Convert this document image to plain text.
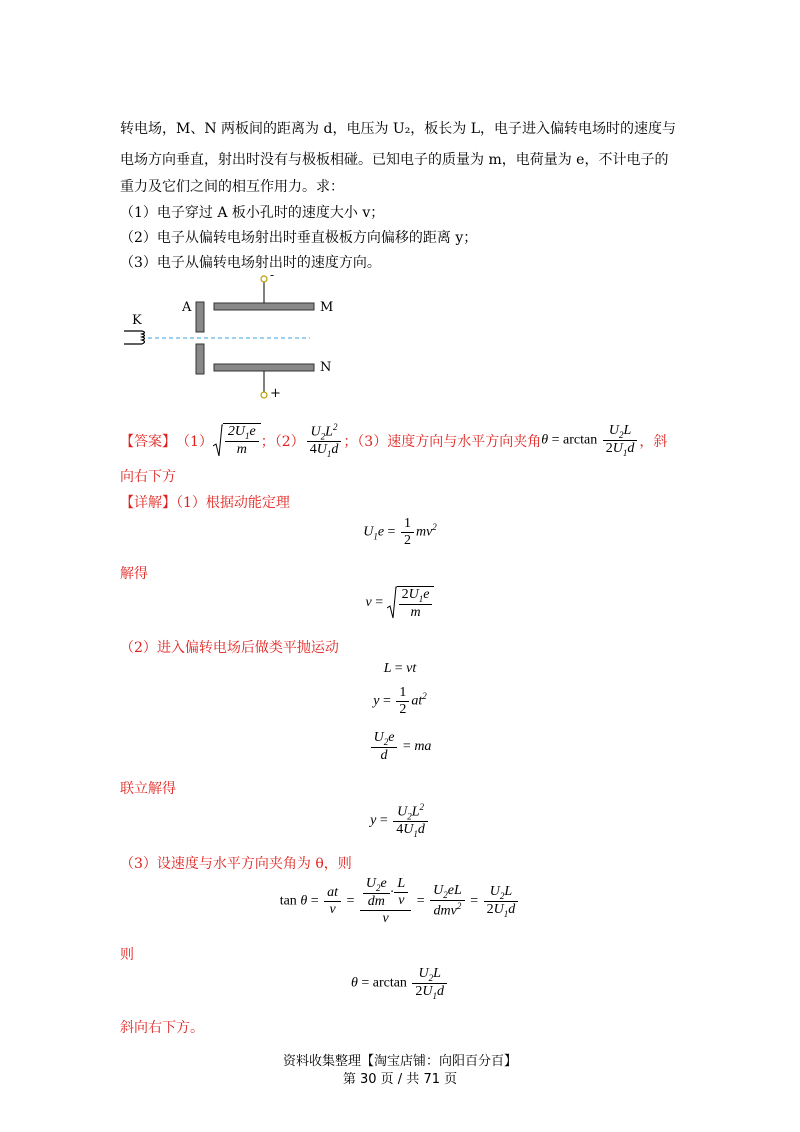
转电场，M、N 两板间的距离为 d，电压为 U₂，板长为 L，电子进入偏转电场时的速度与
电场方向垂直，射出时没有与极板相碰。已知电子的质量为 m，电荷量为 e，不计电子的
重力及它们之间的相互作用力。求：
（1）电子穿过 A 板小孔时的速度大小 v；
（2）电子从偏转电场射出时垂直极板方向偏移的距离 y；
（3）电子从偏转电场射出时的速度方向。
K
A	M
N
-
+
【答案】 $(1) \frac{2U_1e}{m}$ ；$(2) \frac{U_2L^2}{4U_1d}$ ；（3）速度方向与水平方向夹角 $\theta = \arctan \frac{U_2L}{2U_1d}$ ，斜
向右下方
【详解】（1）根据动能定理
$U_1e = \frac{1}{2} mv^2$
解得
$v = \frac{2U_1e}{m}$
（2）进入偏转电场后做类平抛运动
L = vt
$y = \frac{1}{2} at^2$
$\frac{U_2e}{d}$ = ma
联立解得
$y = \frac{U_2L^2}{4U_1d}$
（3）设速度与水平方向夹角为 θ，则
$\tan \theta = \frac{at}{v} = \frac{\frac{U_2e}{dm} \cdot \frac{L}{v}}{v} = \frac{U_2eL}{dmv^2} = \frac{U_2L}{2U_1d}$
则
$\theta = \arctan \frac{U_2L}{2U_1d}$
斜向右下方。
资料收集整理【淘宝店铺：向阳百分百】
第 30 页 / 共 71 页
